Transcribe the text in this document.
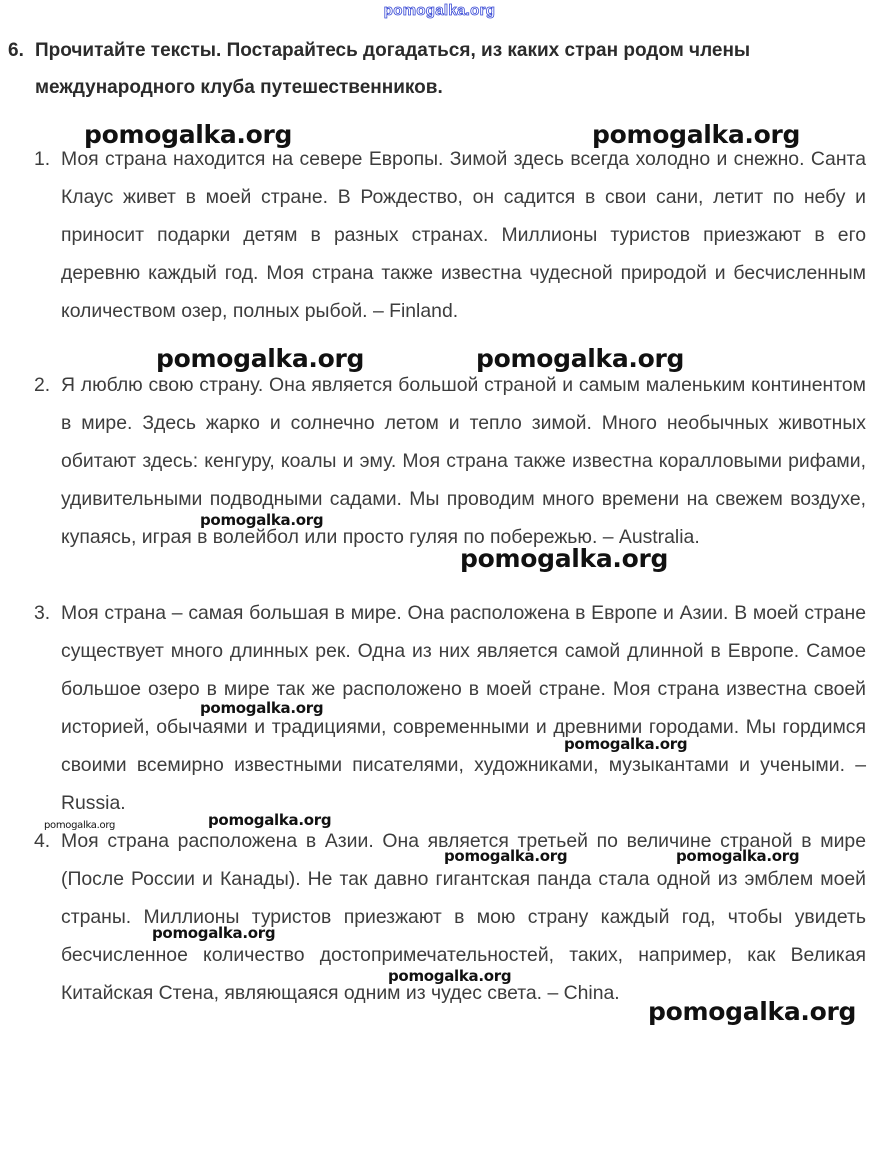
pomogalka.org
6. Прочитайте тексты. Постарайтесь догадаться, из каких стран родом члены международного клуба путешественников.
1. Моя страна находится на севере Европы. Зимой здесь всегда холодно и снежно. Санта Клаус живет в моей стране. В Рождество, он садится в свои сани, летит по небу и приносит подарки детям в разных странах. Миллионы туристов приезжают в его деревню каждый год. Моя страна также известна чудесной природой и бесчисленным количеством озер, полных рыбой. – Finland.
2. Я люблю свою страну. Она является большой страной и самым маленьким континентом в мире. Здесь жарко и солнечно летом и тепло зимой. Много необычных животных обитают здесь: кенгуру, коалы и эму. Моя страна также известна коралловыми рифами, удивительными подводными садами. Мы проводим много времени на свежем воздухе, купаясь, играя в волейбол или просто гуляя по побережью. – Australia.
3. Моя страна – самая большая в мире. Она расположена в Европе и Азии. В моей стране существует много длинных рек. Одна из них является самой длинной в Европе. Самое большое озеро в мире так же расположено в моей стране. Моя страна известна своей историей, обычаями и традициями, современными и древними городами. Мы гордимся своими всемирно известными писателями, художниками, музыкантами и учеными. – Russia.
4. Моя страна расположена в Азии. Она является третьей по величине страной в мире (После России и Канады). Не так давно гигантская панда стала одной из эмблем моей страны. Миллионы туристов приезжают в мою страну каждый год, чтобы увидеть бесчисленное количество достопримечательностей, таких, например, как Великая Китайская Стена, являющаяся одним из чудес света. – China.
pomogalka.org	pomogalka.org
pomogalka.org	pomogalka.org
pomogalka.org
pomogalka.org
pomogalka.org
pomogalka.org
pomogalka.org	pomogalka.org
pomogalka.org	pomogalka.org
pomogalka.org
pomogalka.org
pomogalka.org
